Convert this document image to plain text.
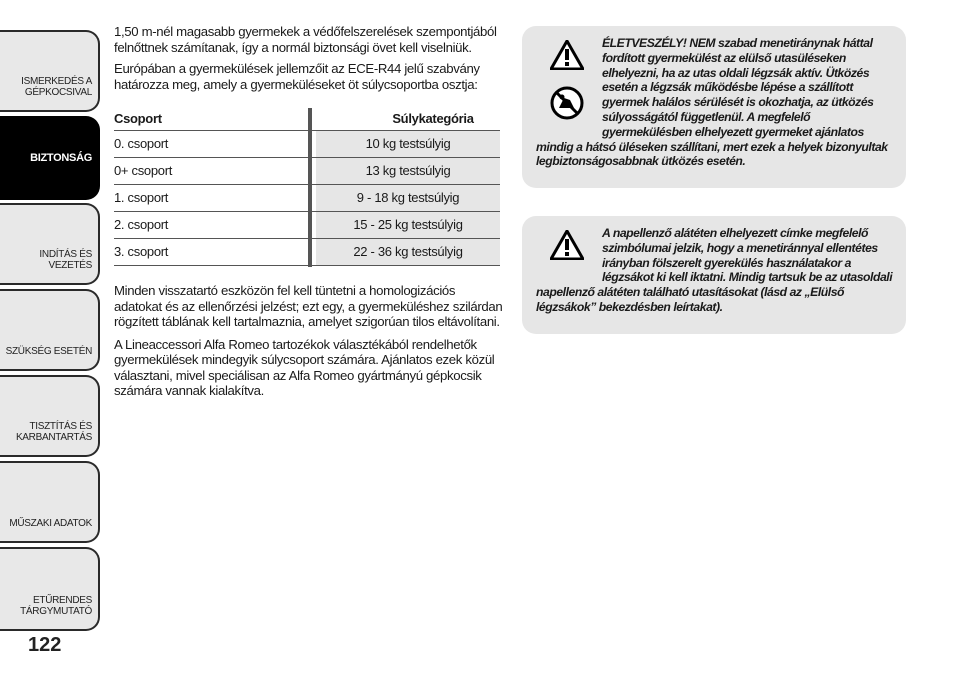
ISMERKEDÉS A
GÉPKOCSIVAL
BIZTONSÁG
INDÍTÁS ÉS VEZETÉS
SZÜKSÉG ESETÉN
TISZTÍTÁS ÉS
KARBANTARTÁS
MŰSZAKI ADATOK
ETŰRENDES
TÁRGYMUTATÓ
122

1,50 m-nél magasabb gyermekek a védőfelszerelések szempontjából felnőttnek számítanak, így a normál biztonsági övet kell viselniük.

Európában a gyermekülések jellemzőit az ECE-R44 jelű szabvány határozza meg, amely a gyermeküléseket öt súlycsoportba osztja:

Csoport		Súlykategória
0. csoport		10 kg testsúlyig
0+ csoport		13 kg testsúlyig
1. csoport		9 - 18 kg testsúlyig
2. csoport		15 - 25 kg testsúlyig
3. csoport		22 - 36 kg testsúlyig

Minden visszatartó eszközön fel kell tüntetni a homologizációs adatokat és az ellenőrzési jelzést; ezt egy, a gyermeküléshez szilárdan rögzített táblának kell tartalmaznia, amelyet szigorúan tilos eltávolítani.

A Lineaccessori Alfa Romeo tartozékok választékából rendelhetők gyermekülések mindegyik súlycsoport számára. Ajánlatos ezek közül választani, mivel speciálisan az Alfa Romeo gyártmányú gépkocsik számára vannak kialakítva.

ÉLETVESZÉLY! NEM szabad menetiránynak háttal fordított gyermekülést az elülső utasüléseken elhelyezni, ha az utas oldali légzsák aktív. Ütközés esetén a légzsák működésbe lépése a szállított gyermek halálos sérülését is okozhatja, az ütközés súlyosságától függetlenül. A megfelelő gyermekülésben elhelyezett gyermeket ajánlatos mindig a hátsó üléseken szállítani, mert ezek a helyek bizonyultak legbiztonságosabbnak ütközés esetén.
A napellenző alátéten elhelyezett címke megfelelő szimbólumai jelzik, hogy a menetiránnyal ellentétes irányban fölszerelt gyerekülés használatakor a légzsákot ki kell iktatni. Mindig tartsuk be az utasoldali napellenző alátéten található utasításokat (lásd az „Elülső légzsákok” bekezdésben leírtakat).
